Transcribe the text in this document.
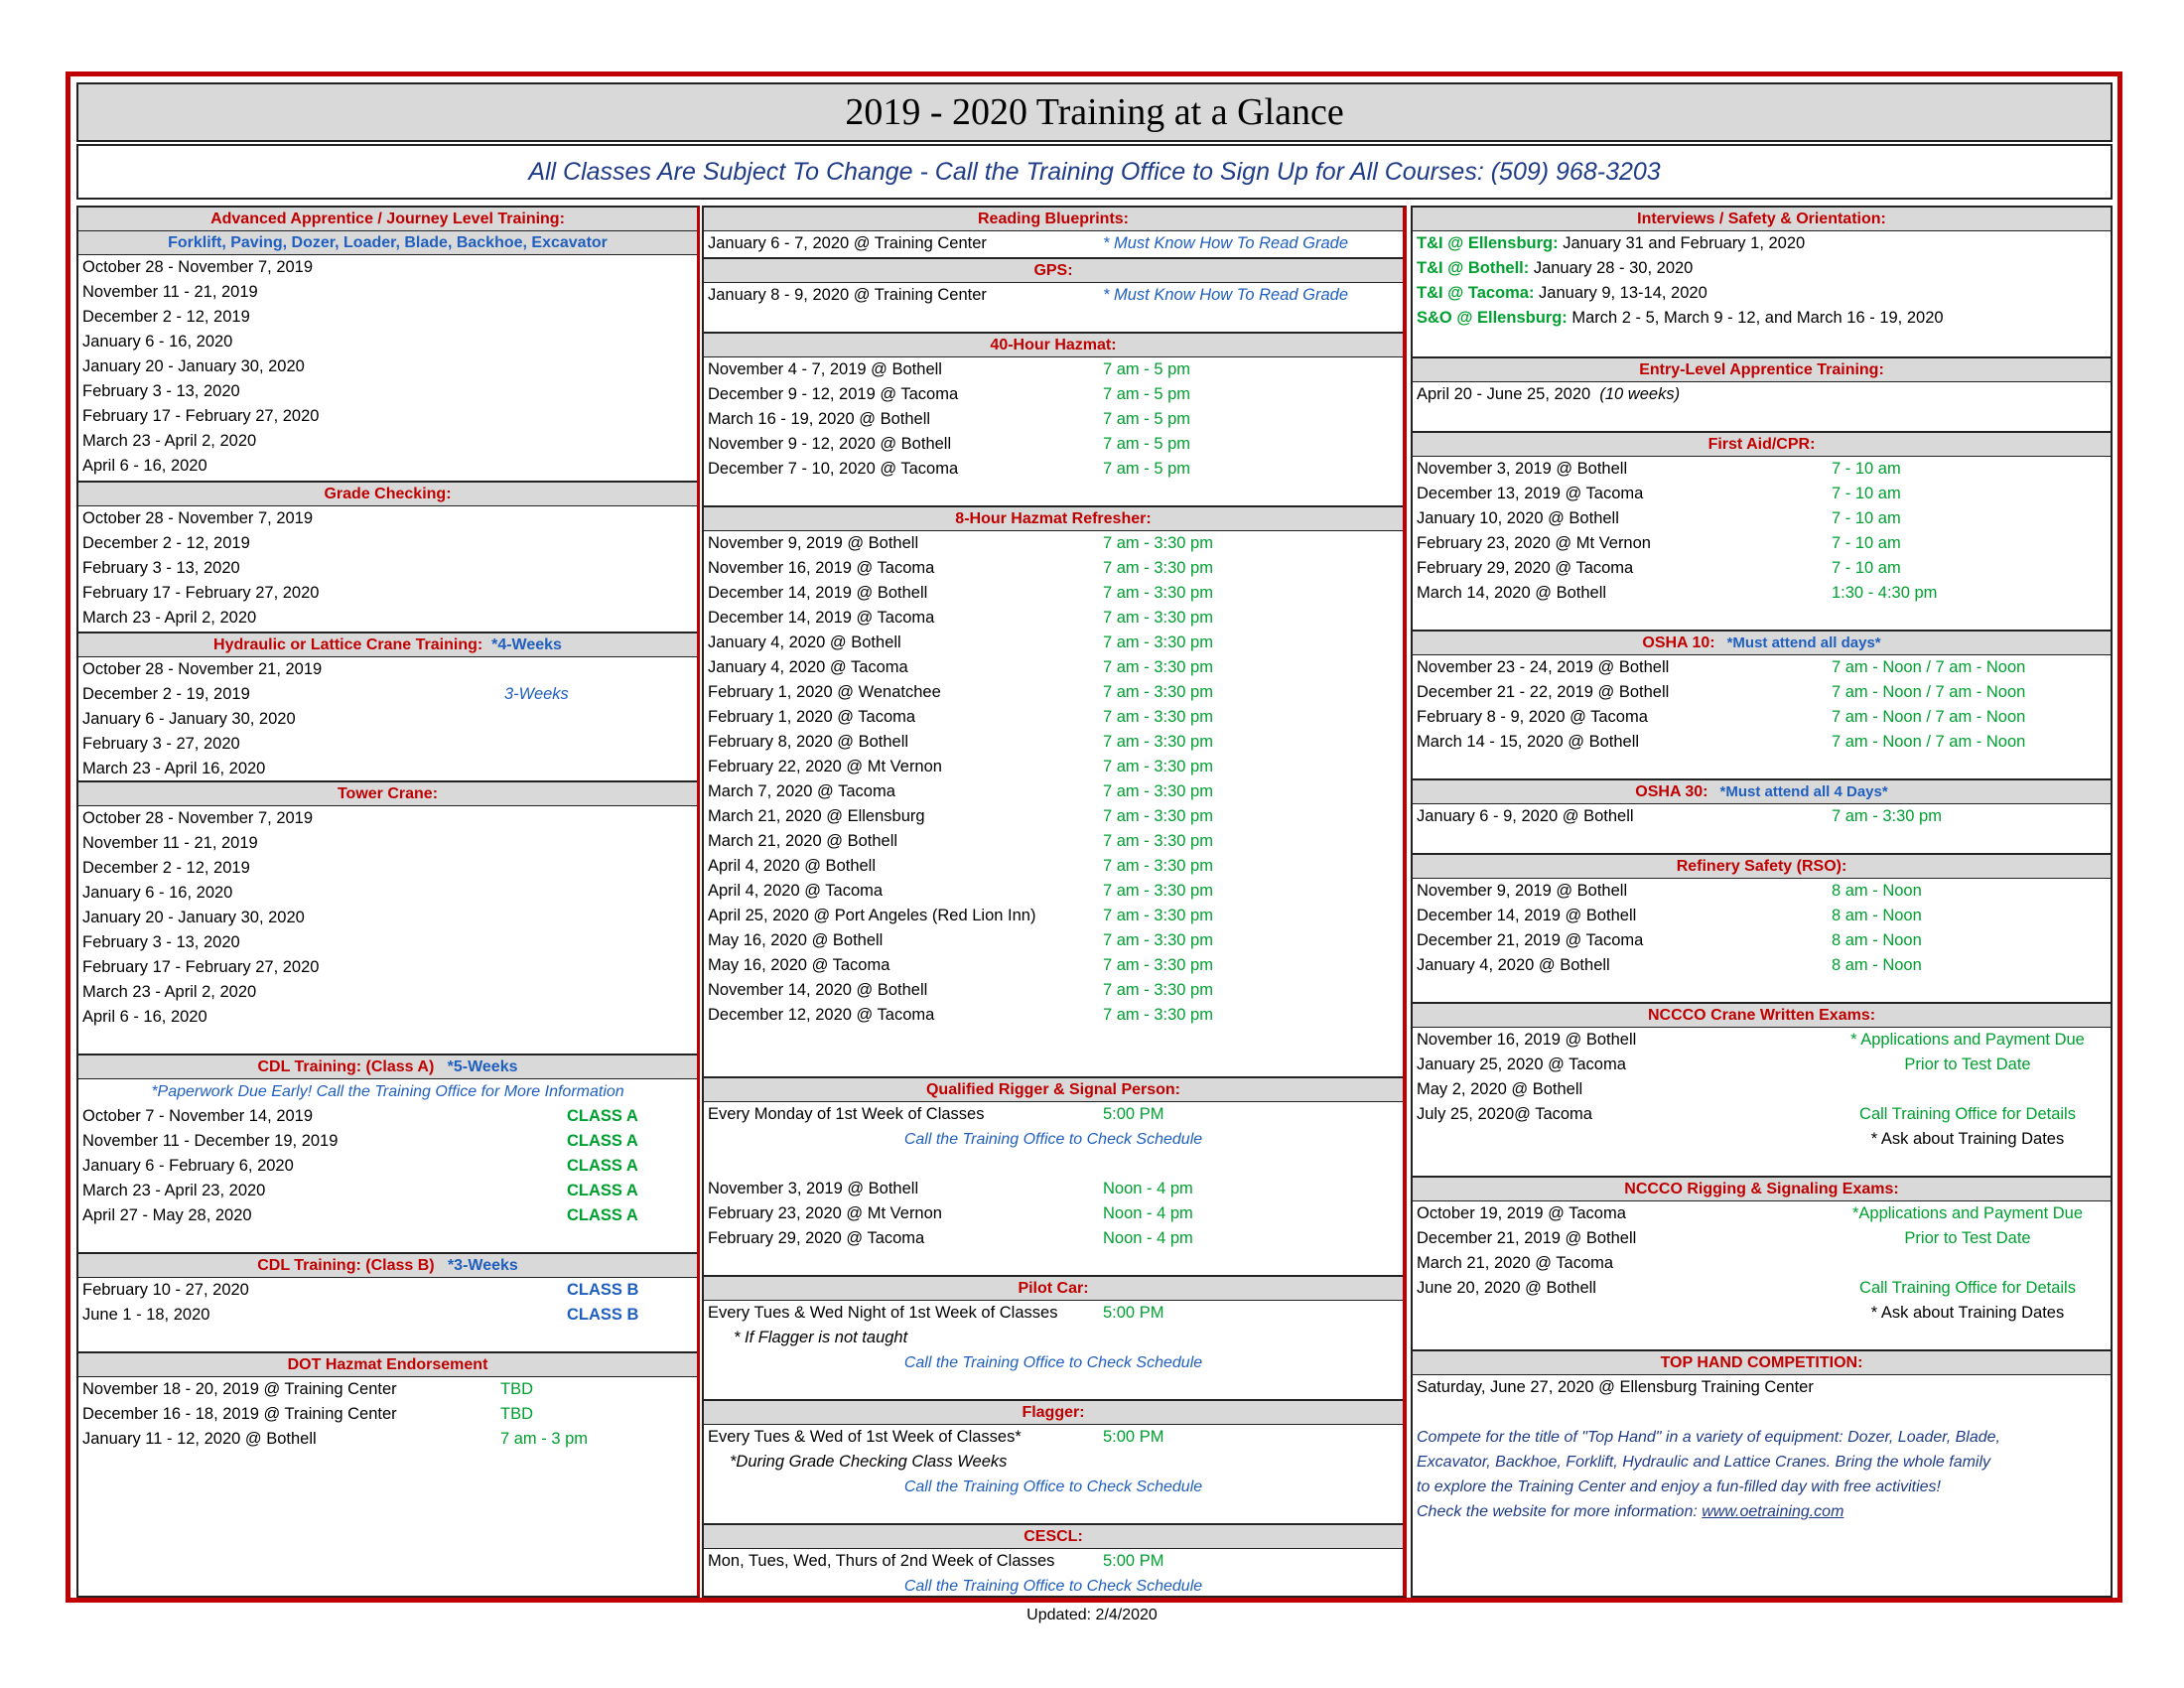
2019 - 2020 Training at a Glance
All Classes Are Subject To Change - Call the Training Office to Sign Up for All Courses: (509) 968-3203
Advanced Apprentice / Journey Level Training:
Forklift, Paving, Dozer, Loader, Blade, Backhoe, Excavator
October 28 - November 7, 2019
November 11 - 21, 2019
December 2 - 12, 2019
January 6 - 16, 2020
January 20 - January 30, 2020
February 3 - 13, 2020
February 17 - February 27, 2020
March 23 - April 2, 2020
April 6 - 16, 2020
Grade Checking:
October 28 - November 7, 2019
December 2 - 12, 2019
February 3 - 13, 2020
February 17 - February 27, 2020
March 23 - April 2, 2020
Hydraulic or Lattice Crane Training: *4-Weeks
October 28 - November 21, 2019
December 2 - 19, 2019	3-Weeks
January 6 - January 30, 2020
February 3 - 27, 2020
March 23 - April 16, 2020
Tower Crane:
October 28 - November 7, 2019
November 11 - 21, 2019
December 2 - 12, 2019
January 6 - 16, 2020
January 20 - January 30, 2020
February 3 - 13, 2020
February 17 - February 27, 2020
March 23 - April 2, 2020
April 6 - 16, 2020
CDL Training: (Class A) *5-Weeks
*Paperwork Due Early! Call the Training Office for More Information
October 7 - November 14, 2019	CLASS A
November 11 - December 19, 2019	CLASS A
January 6 - February 6, 2020	CLASS A
March 23 - April 23, 2020	CLASS A
April 27 - May 28, 2020	CLASS A
CDL Training: (Class B) *3-Weeks
February 10 - 27, 2020	CLASS B
June 1 - 18, 2020	CLASS B
DOT Hazmat Endorsement
November 18 - 20, 2019 @ Training Center	TBD
December 16 - 18, 2019 @ Training Center	TBD
January 11 - 12, 2020 @ Bothell	7 am - 3 pm
Reading Blueprints:
January 6 - 7, 2020 @ Training Center	* Must Know How To Read Grade
GPS:
January 8 - 9, 2020 @ Training Center	* Must Know How To Read Grade
40-Hour Hazmat:
November 4 - 7, 2019 @ Bothell	7 am - 5 pm
December 9 - 12, 2019 @ Tacoma	7 am - 5 pm
March 16 - 19, 2020 @ Bothell	7 am - 5 pm
November 9 - 12, 2020 @ Bothell	7 am - 5 pm
December 7 - 10, 2020 @ Tacoma	7 am - 5 pm
8-Hour Hazmat Refresher:
November 9, 2019 @ Bothell	7 am - 3:30 pm
November 16, 2019 @ Tacoma	7 am - 3:30 pm
December 14, 2019 @ Bothell	7 am - 3:30 pm
December 14, 2019 @ Tacoma	7 am - 3:30 pm
January 4, 2020 @ Bothell	7 am - 3:30 pm
January 4, 2020 @ Tacoma	7 am - 3:30 pm
February 1, 2020 @ Wenatchee	7 am - 3:30 pm
February 1, 2020 @ Tacoma	7 am - 3:30 pm
February 8, 2020 @ Bothell	7 am - 3:30 pm
February 22, 2020 @ Mt Vernon	7 am - 3:30 pm
March 7, 2020 @ Tacoma	7 am - 3:30 pm
March 21, 2020 @ Ellensburg	7 am - 3:30 pm
March 21, 2020 @ Bothell	7 am - 3:30 pm
April 4, 2020 @ Bothell	7 am - 3:30 pm
April 4, 2020 @ Tacoma	7 am - 3:30 pm
April 25, 2020 @ Port Angeles (Red Lion Inn)	7 am - 3:30 pm
May 16, 2020 @ Bothell	7 am - 3:30 pm
May 16, 2020 @ Tacoma	7 am - 3:30 pm
November 14, 2020 @ Bothell	7 am - 3:30 pm
December 12, 2020 @ Tacoma	7 am - 3:30 pm
Qualified Rigger & Signal Person:
Every Monday of 1st Week of Classes	5:00 PM
Call the Training Office to Check Schedule
November 3, 2019 @ Bothell	Noon - 4 pm
February 23, 2020 @ Mt Vernon	Noon - 4 pm
February 29, 2020 @ Tacoma	Noon - 4 pm
Pilot Car:
Every Tues & Wed Night of 1st Week of Classes	5:00 PM
* If Flagger is not taught
Call the Training Office to Check Schedule
Flagger:
Every Tues & Wed of 1st Week of Classes*	5:00 PM
*During Grade Checking Class Weeks
Call the Training Office to Check Schedule
CESCL:
Mon, Tues, Wed, Thurs of 2nd Week of Classes	5:00 PM
Call the Training Office to Check Schedule
Interviews / Safety & Orientation:
T&I @ Ellensburg: January 31 and February 1, 2020
T&I @ Bothell: January 28 - 30, 2020
T&I @ Tacoma: January 9, 13-14, 2020
S&O @ Ellensburg: March 2 - 5, March 9 - 12, and March 16 - 19, 2020
Entry-Level Apprentice Training:
April 20 - June 25, 2020 (10 weeks)
First Aid/CPR:
November 3, 2019 @ Bothell	7 - 10 am
December 13, 2019 @ Tacoma	7 - 10 am
January 10, 2020 @ Bothell	7 - 10 am
February 23, 2020 @ Mt Vernon	7 - 10 am
February 29, 2020 @ Tacoma	7 - 10 am
March 14, 2020 @ Bothell	1:30 - 4:30 pm
OSHA 10: *Must attend all days*
November 23 - 24, 2019 @ Bothell	7 am - Noon / 7 am - Noon
December 21 - 22, 2019 @ Bothell	7 am - Noon / 7 am - Noon
February 8 - 9, 2020 @ Tacoma	7 am - Noon / 7 am - Noon
March 14 - 15, 2020 @ Bothell	7 am - Noon / 7 am - Noon
OSHA 30: *Must attend all 4 Days*
January 6 - 9, 2020 @ Bothell	7 am - 3:30 pm
Refinery Safety (RSO):
November 9, 2019 @ Bothell	8 am - Noon
December 14, 2019 @ Bothell	8 am - Noon
December 21, 2019 @ Tacoma	8 am - Noon
January 4, 2020 @ Bothell	8 am - Noon
NCCCO Crane Written Exams:
November 16, 2019 @ Bothell	* Applications and Payment Due
January 25, 2020 @ Tacoma	Prior to Test Date
May 2, 2020 @ Bothell
July 25, 2020@ Tacoma	Call Training Office for Details
* Ask about Training Dates
NCCCO Rigging & Signaling Exams:
October 19, 2019 @ Tacoma	*Applications and Payment Due
December 21, 2019 @ Bothell	Prior to Test Date
March 21, 2020 @ Tacoma
June 20, 2020 @ Bothell	Call Training Office for Details
* Ask about Training Dates
TOP HAND COMPETITION:
Saturday, June 27, 2020 @ Ellensburg Training Center
Compete for the title of "Top Hand" in a variety of equipment: Dozer, Loader, Blade,
Excavator, Backhoe, Forklift, Hydraulic and Lattice Cranes. Bring the whole family
to explore the Training Center and enjoy a fun-filled day with free activities!
Check the website for more information: www.oetraining.com
Updated: 2/4/2020
